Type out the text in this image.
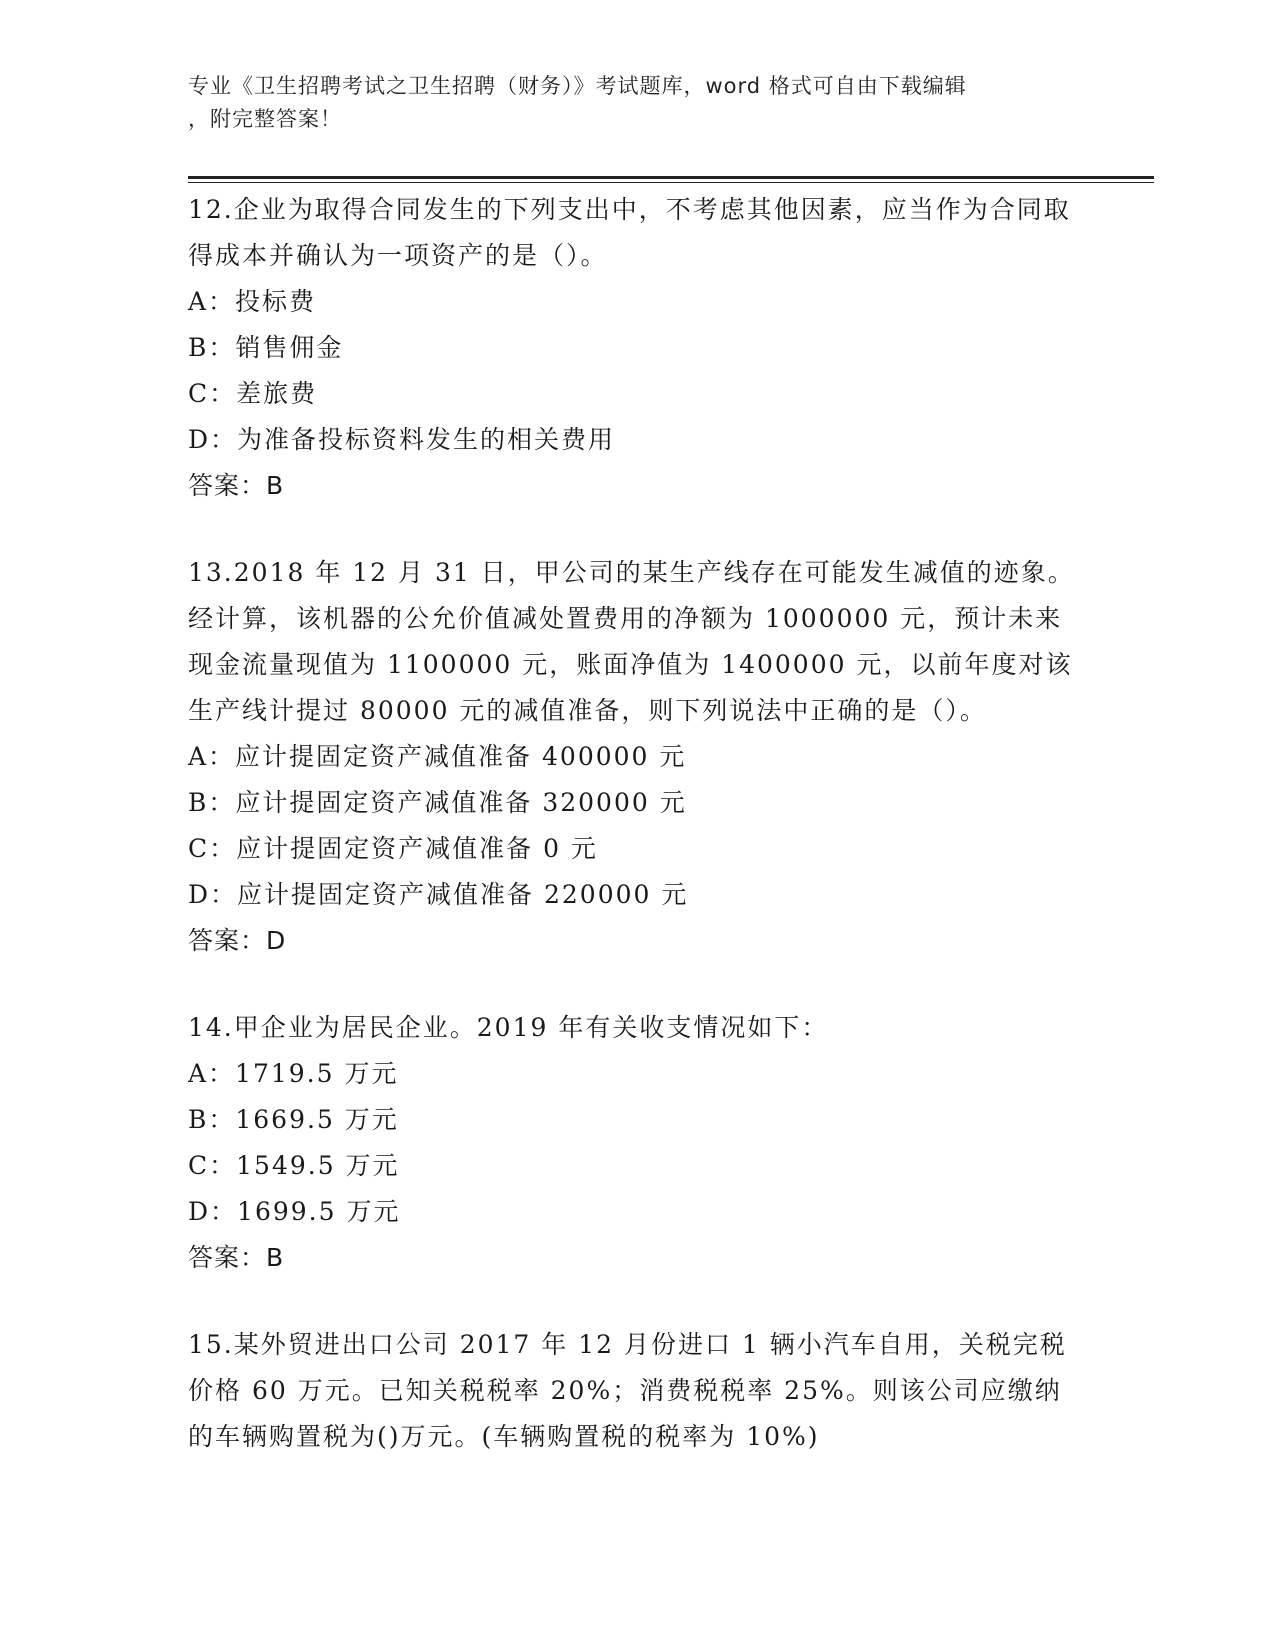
专业《卫生招聘考试之卫生招聘（财务）》考试题库，word 格式可自由下载编辑
，附完整答案！

12.企业为取得合同发生的下列支出中，不考虑其他因素，应当作为合同取得成本并确认为一项资产的是（）。

A：投标费

B：销售佣金

C：差旅费

D：为准备投标资料发生的相关费用

答案：B

13.2018 年 12 月 31 日，甲公司的某生产线存在可能发生减值的迹象。经计算，该机器的公允价值减处置费用的净额为 1000000 元，预计未来现金流量现值为 1100000 元，账面净值为 1400000 元，以前年度对该生产线计提过 80000 元的减值准备，则下列说法中正确的是（）。

A：应计提固定资产减值准备 400000 元

B：应计提固定资产减值准备 320000 元

C：应计提固定资产减值准备 0 元

D：应计提固定资产减值准备 220000 元

答案：D

14.甲企业为居民企业。2019 年有关收支情况如下：

A：1719.5 万元

B：1669.5 万元

C：1549.5 万元

D：1699.5 万元

答案：B

15.某外贸进出口公司 2017 年 12 月份进口 1 辆小汽车自用，关税完税价格 60 万元。已知关税税率 20%；消费税税率 25%。则该公司应缴纳的车辆购置税为()万元。(车辆购置税的税率为 10%)
